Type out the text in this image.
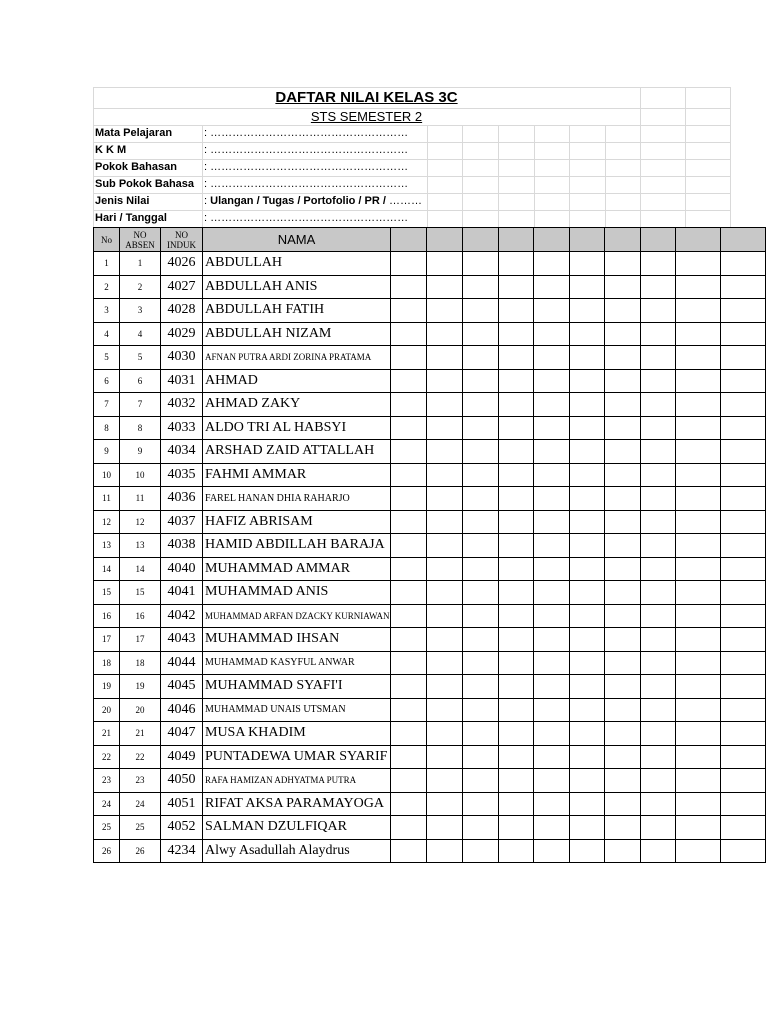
DAFTAR NILAI KELAS 3C
STS SEMESTER 2
Mata Pelajaran	: ………………………………………………
K K M	: ………………………………………………
Pokok Bahasan : ………………………………………………
Sub Pokok Bahasa : ………………………………………………
Jenis Nilai	: Ulangan / Tugas / Portofolio / PR / ………
Hari / Tanggal	: ………………………………………………
No	NO ABSEN	NO INDUK	NAMA										
1	1	4026	ABDULLAH										
2	2	4027	ABDULLAH ANIS										
3	3	4028	ABDULLAH FATIH										
4	4	4029	ABDULLAH NIZAM										
5	5	4030	AFNAN PUTRA ARDI ZORINA PRATAMA										
6	6	4031	AHMAD										
7	7	4032	AHMAD ZAKY										
8	8	4033	ALDO TRI AL HABSYI										
9	9	4034	ARSHAD ZAID ATTALLAH										
10	10	4035	FAHMI AMMAR										
11	11	4036	FAREL HANAN DHIA RAHARJO										
12	12	4037	HAFIZ ABRISAM										
13	13	4038	HAMID ABDILLAH BARAJA										
14	14	4040	MUHAMMAD AMMAR										
15	15	4041	MUHAMMAD ANIS										
16	16	4042	MUHAMMAD ARFAN DZACKY KURNIAWAN										
17	17	4043	MUHAMMAD IHSAN										
18	18	4044	MUHAMMAD KASYFUL ANWAR										
19	19	4045	MUHAMMAD SYAFI'I										
20	20	4046	MUHAMMAD UNAIS UTSMAN										
21	21	4047	MUSA KHADIM										
22	22	4049	PUNTADEWA UMAR SYARIF										
23	23	4050	RAFA HAMIZAN ADHYATMA PUTRA										
24	24	4051	RIFAT AKSA PARAMAYOGA										
25	25	4052	SALMAN DZULFIQAR										
26	26	4234	Alwy Asadullah Alaydrus										
